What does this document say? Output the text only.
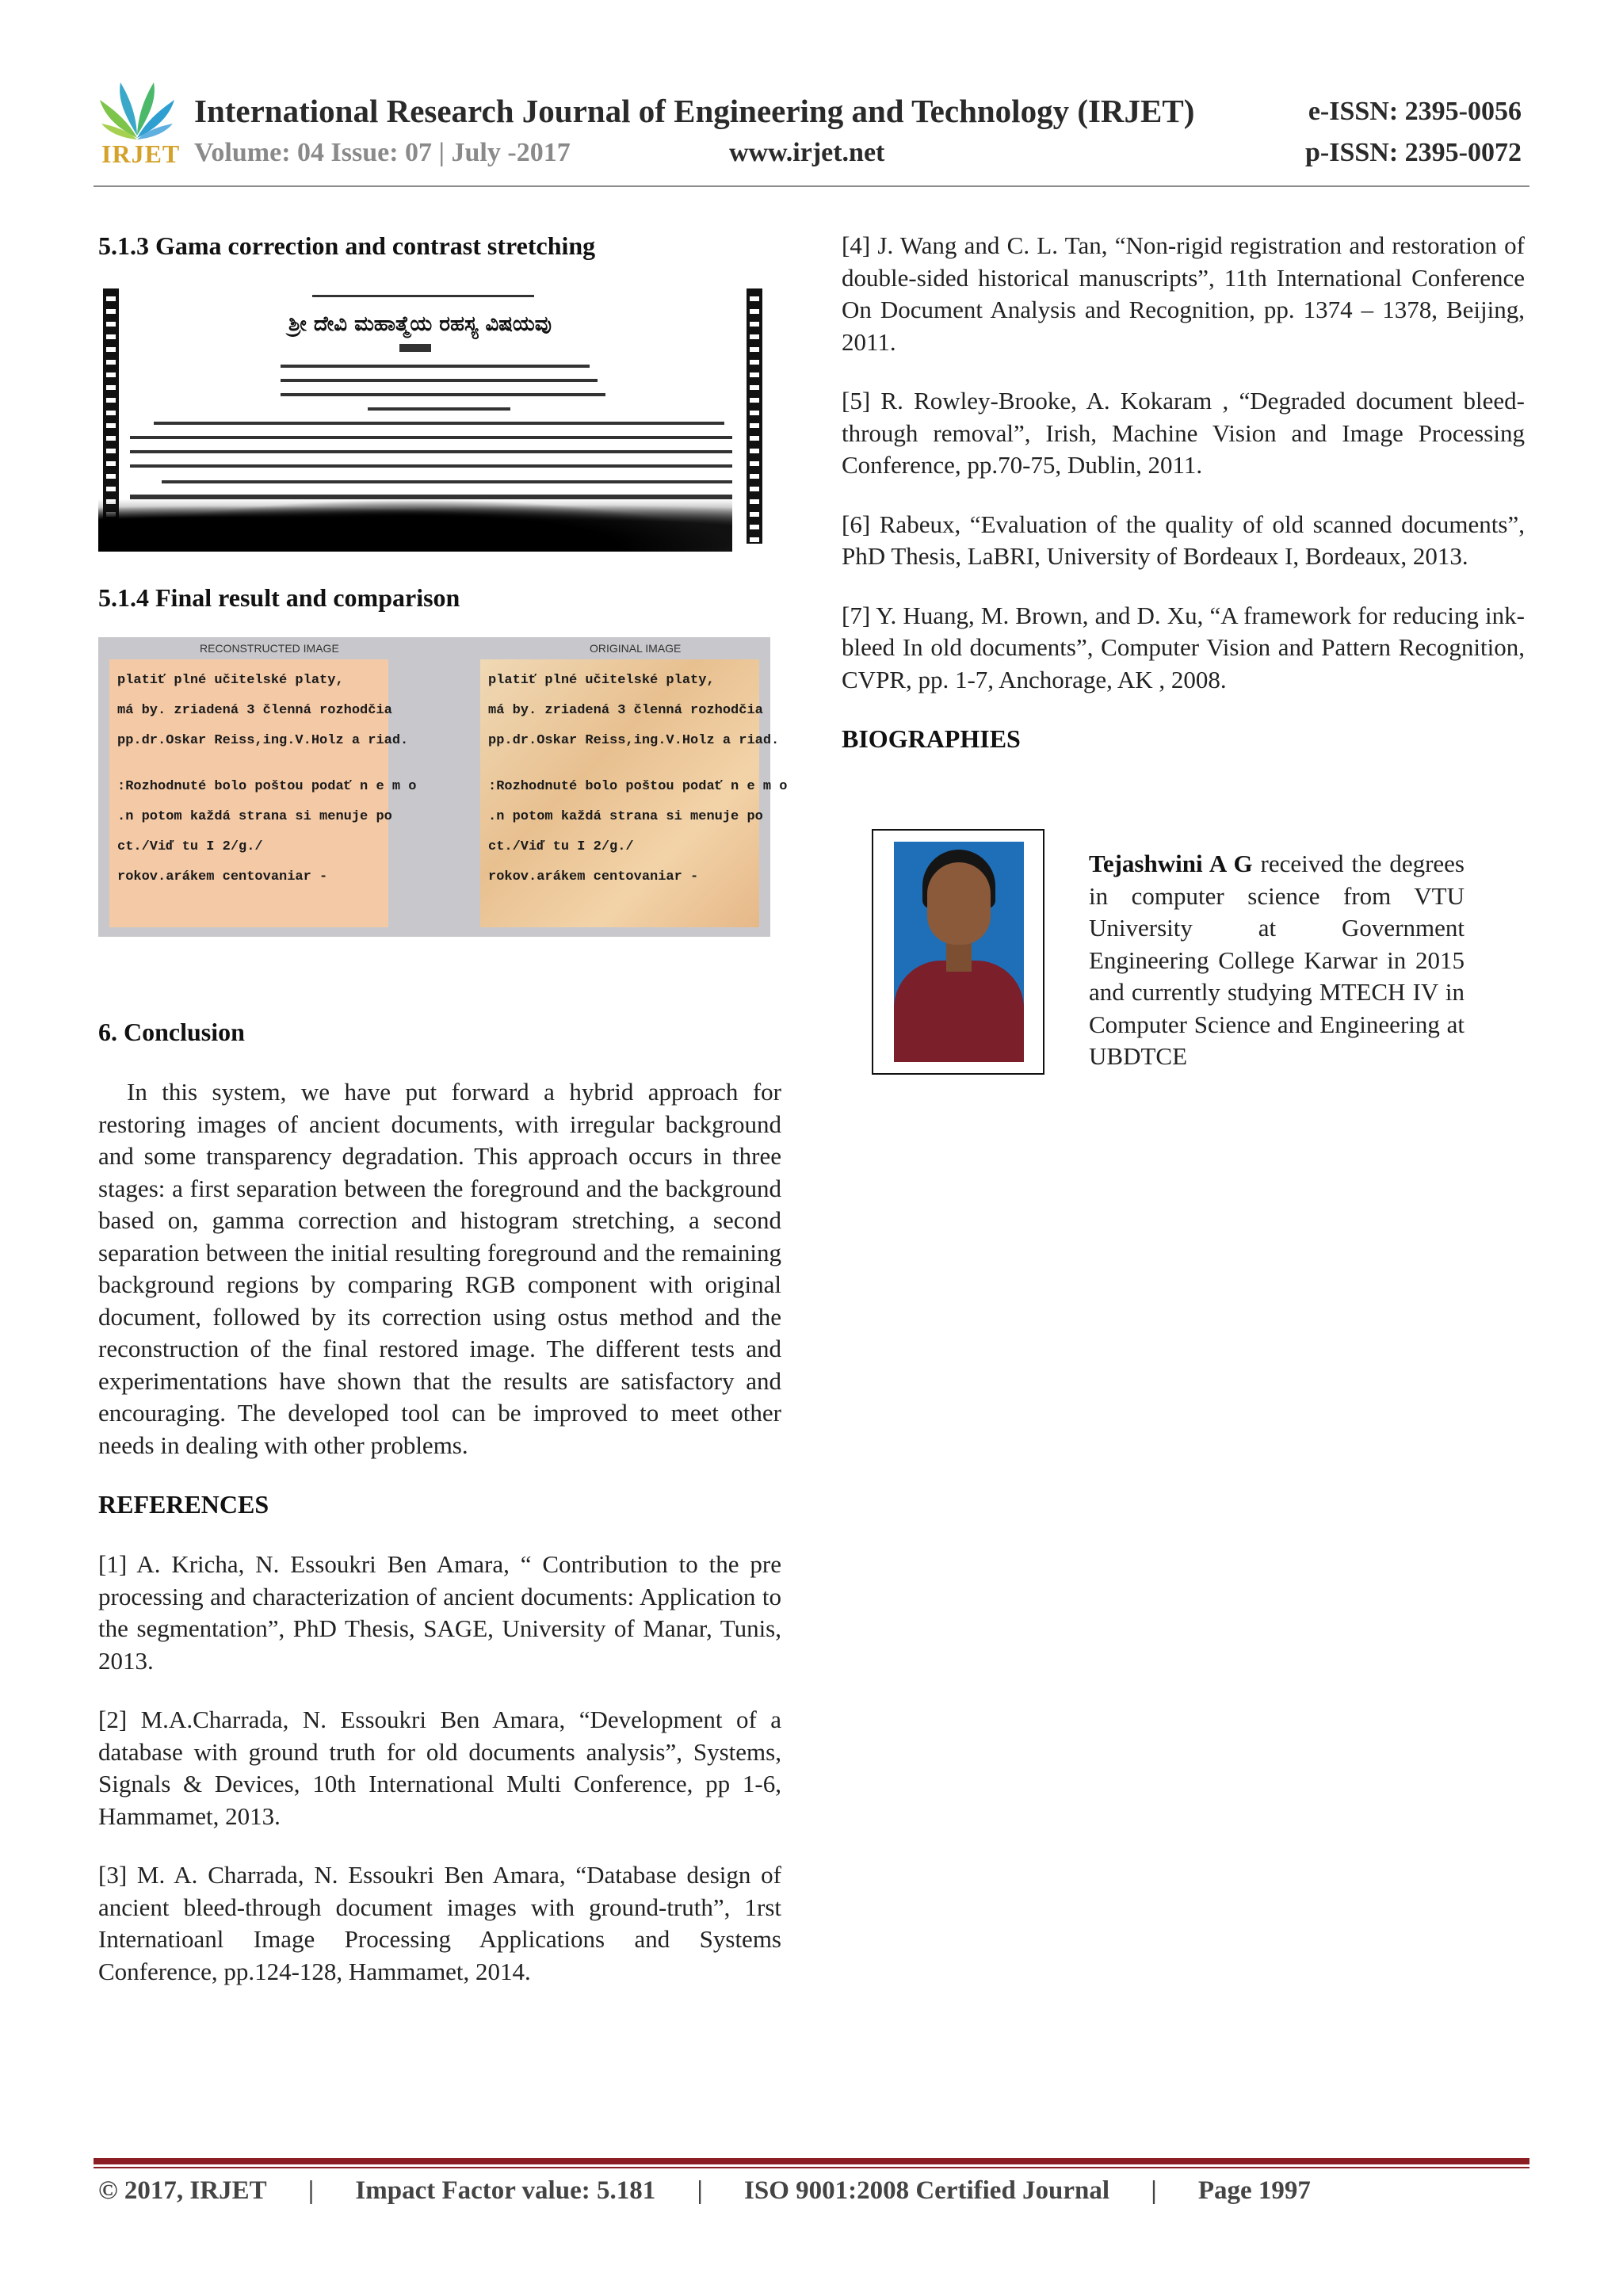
IRJET
International Research Journal of Engineering and Technology (IRJET)	e-ISSN: 2395-0056
Volume: 04 Issue: 07 | July -2017	www.irjet.net	p-ISSN: 2395-0072
5.1.3 Gama correction and contrast stretching
ಶ್ರೀ ದೇವಿ ಮಹಾತ್ಮೆಯ ರಹಸ್ಯ ವಿಷಯವು
5.1.4 Final result and comparison
RECONSTRUCTED IMAGE	ORIGINAL IMAGE
platiť plné učitelské platy,
má by. zriadená 3 členná rozhodčia
pp.dr.Oskar Reiss,ing.V.Holz a riad.
:Rozhodnuté bolo poštou podať n e m o
.n potom každá strana si menuje po
ct./Viď tu I 2/g./
rokov.arákem centovaniar -
platiť plné učitelské platy,
má by. zriadená 3 členná rozhodčia
pp.dr.Oskar Reiss,ing.V.Holz a riad.
:Rozhodnuté bolo poštou podať n e m o
.n potom každá strana si menuje po
ct./Viď tu I 2/g./
rokov.arákem centovaniar -
6. Conclusion

In this system, we have put forward a hybrid approach for restoring images of ancient documents, with irregular background and some transparency degradation. This approach occurs in three stages: a first separation between the foreground and the background based on, gamma correction and histogram stretching, a second separation between the initial resulting foreground and the remaining background regions by comparing RGB component with original document, followed by its correction using ostus method and the reconstruction of the final restored image. The different tests and experimentations have shown that the results are satisfactory and encouraging. The developed tool can be improved to meet other needs in dealing with other problems.

REFERENCES

[1] A. Kricha, N. Essoukri Ben Amara, “ Contribution to the pre processing and characterization of ancient documents: Application to the segmentation”, PhD Thesis, SAGE, University of Manar, Tunis, 2013.

[2] M.A.Charrada, N. Essoukri Ben Amara, “Development of a database with ground truth for old documents analysis”, Systems, Signals & Devices, 10th International Multi Conference, pp 1-6, Hammamet, 2013.

[3] M. A. Charrada, N. Essoukri Ben Amara, “Database design of ancient bleed-through document images with ground-truth”, 1rst Internatioanl Image Processing Applications and Systems Conference, pp.124-128, Hammamet, 2014.

[4] J. Wang and C. L. Tan, “Non-rigid registration and restoration of double-sided historical manuscripts”, 11th International Conference On Document Analysis and Recognition, pp. 1374 – 1378, Beijing, 2011.

[5] R. Rowley-Brooke, A. Kokaram , “Degraded document bleed-through removal”, Irish, Machine Vision and Image Processing Conference, pp.70-75, Dublin, 2011.

[6] Rabeux, “Evaluation of the quality of old scanned documents”, PhD Thesis, LaBRI, University of Bordeaux I, Bordeaux, 2013.

[7] Y. Huang, M. Brown, and D. Xu, “A framework for reducing ink-bleed In old documents”, Computer Vision and Pattern Recognition, CVPR, pp. 1-7, Anchorage, AK , 2008.

BIOGRAPHIES
Tejashwini A G received the degrees in computer science from VTU University at Government Engineering College Karwar in 2015 and currently studying MTECH IV in Computer Science and Engineering at UBDTCE
© 2017, IRJET | Impact Factor value: 5.181 | ISO 9001:2008 Certified Journal | Page 1997
